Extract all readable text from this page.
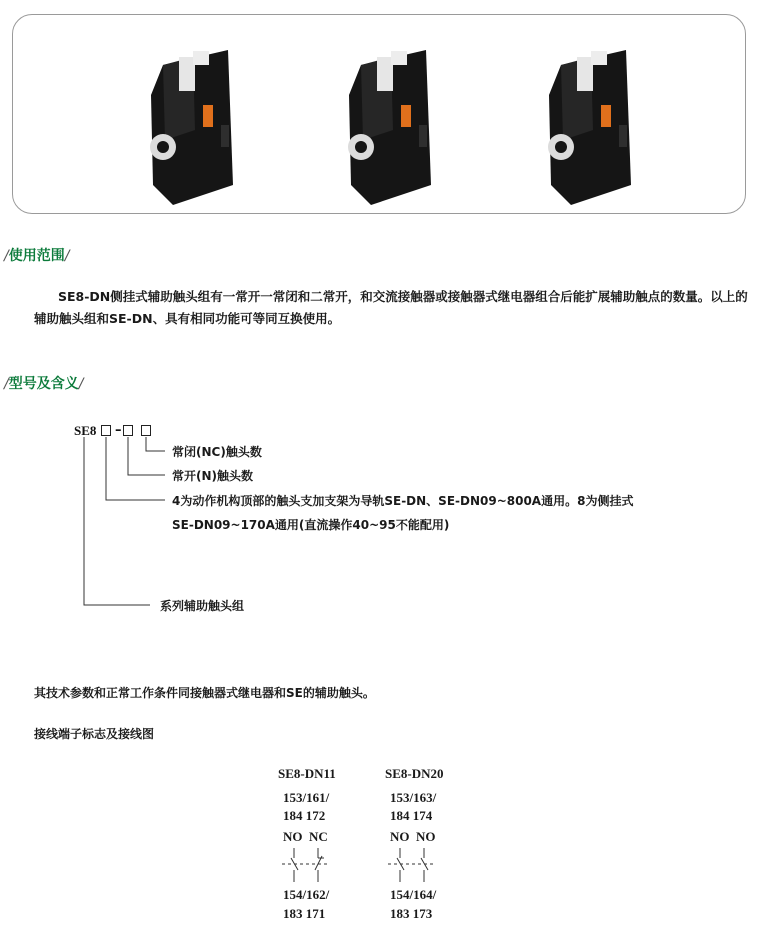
/使用范围/
SE8-DN侧挂式辅助触头组有一常开一常闭和二常开，和交流接触器或接触器式继电器组合后能扩展辅助触点的数量。以上的辅助触头组和SE-DN、具有相同功能可等同互换使用。
/型号及含义/
SE8 –
常闭(NC)触头数
常开(N)触头数
4为动作机构顶部的触头支加支架为导轨SE-DN、SE-DN09~800A通用。8为侧挂式
SE-DN09~170A通用(直流操作40~95不能配用)
系列辅助触头组
其技术参数和正常工作条件同接触器式继电器和SE的辅助触头。
接线端子标志及接线图
SE8-DN11
153/161/
184 172
NO  NC
154/162/
183 171
SE8-DN20
153/163/
184 174
NO  NO
154/164/
183 173
